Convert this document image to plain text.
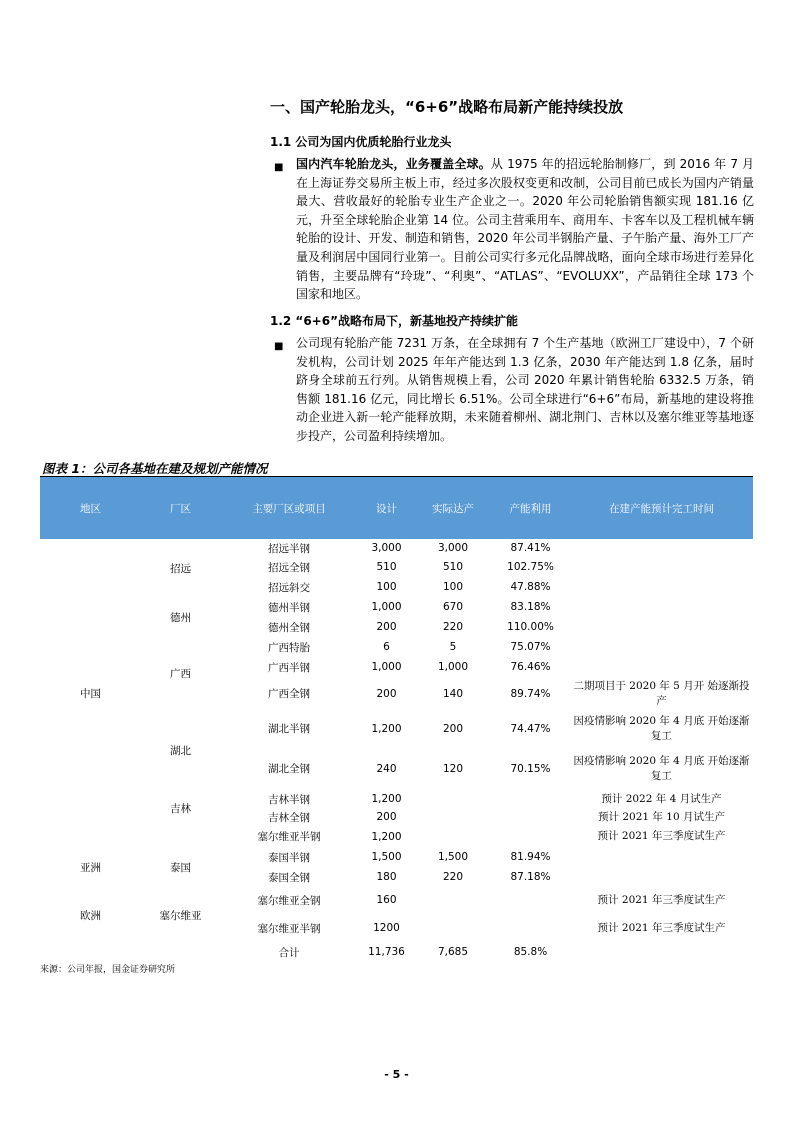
一、国产轮胎龙头，“6+6”战略布局新产能持续投放
1.1 公司为国内优质轮胎行业龙头
■ 国内汽车轮胎龙头，业务覆盖全球。从 1975 年的招远轮胎制修厂，到 2016 年 7 月在上海证券交易所主板上市，经过多次股权变更和改制，公司目前已成长为国内产销量最大、营收最好的轮胎专业生产企业之一。2020 年公司轮胎销售额实现 181.16 亿元，升至全球轮胎企业第 14 位。公司主营乘用车、商用车、卡客车以及工程机械车辆轮胎的设计、开发、制造和销售，2020 年公司半钢胎产量、子午胎产量、海外工厂产量及利润居中国同行业第一。目前公司实行多元化品牌战略，面向全球市场进行差异化销售，主要品牌有“玲珑”、“利奥”、“ATLAS”、“EVOLUXX”，产品销往全球 173 个国家和地区。

1.2 “6+6”战略布局下，新基地投产持续扩能
■ 公司现有轮胎产能 7231 万条，在全球拥有 7 个生产基地（欧洲工厂建设中），7 个研发机构，公司计划 2025 年年产能达到 1.3 亿条，2030 年产能达到 1.8 亿条，届时跻身全球前五行列。从销售规模上看，公司 2020 年累计销售轮胎 6332.5 万条，销售额 181.16 亿元，同比增长 6.51%。公司全球进行“6+6”布局，新基地的建设将推动企业进入新一轮产能释放期，未来随着柳州、湖北荆门、吉林以及塞尔维亚等基地逐步投产，公司盈利持续增加。

图表 1：公司各基地在建及规划产能情况
地区	厂区	主要厂区或项目	设计	实际达产	产能利用	在建产能预计完工时间
中国	招远	招远半钢	3,000	3,000	87.41%	
		招远全钢	510	510	102.75%	
		招远斜交	100	100	47.88%	
	德州	德州半钢	1,000	670	83.18%	
		德州全钢	200	220	110.00%	
	广西	广西特胎	6	5	75.07%	
		广西半钢	1,000	1,000	76.46%	
		广西全钢	200	140	89.74%	二期项目于 2020 年 5 月开 始逐渐投产
	湖北	湖北半钢	1,200	200	74.47%	因疫情影响 2020 年 4 月底 开始逐渐复工
		湖北全钢	240	120	70.15%	因疫情影响 2020 年 4 月底 开始逐渐复工
	吉林	吉林半钢	1,200			预计 2022 年 4 月试生产
		吉林全钢	200			预计 2021 年 10 月试生产
		塞尔维亚半钢	1,200			预计 2021 年三季度试生产
亚洲	泰国	泰国半钢	1,500	1,500	81.94%	
		泰国全钢	180	220	87.18%	
欧洲	塞尔维亚	塞尔维亚全钢	160			预计 2021 年三季度试生产
		塞尔维亚半钢	1200			预计 2021 年三季度试生产
		合计	11,736	7,685	85.8%	
来源：公司年报，国金证券研究所
- 5 -
